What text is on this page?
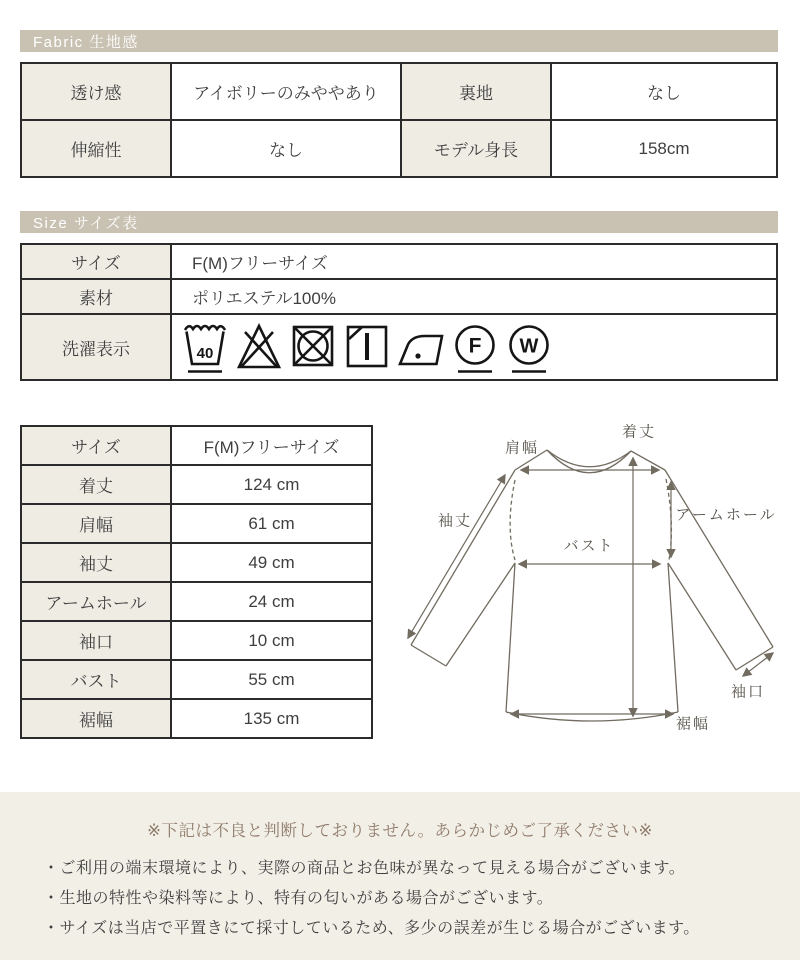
Fabric 生地感
透け感	アイボリーのみややあり	裏地	なし
伸縮性	なし	モデル身長	158cm
Size サイズ表
サイズ	F(M)フリーサイズ
素材	ポリエステル100%
洗濯表示	40 F W
サイズ	F(M)フリーサイズ
着丈	124 cm
肩幅	61 cm
袖丈	49 cm
アームホール	24 cm
袖口	10 cm
バスト	55 cm
裾幅	135 cm
着丈
肩幅
袖丈
バスト
アームホール
袖口
裾幅
※下記は不良と判断しておりません。あらかじめご了承ください※
・ご利用の端末環境により、実際の商品とお色味が異なって見える場合がございます。
・生地の特性や染料等により、特有の匂いがある場合がございます。
・サイズは当店で平置きにて採寸しているため、多少の誤差が生じる場合がございます。
